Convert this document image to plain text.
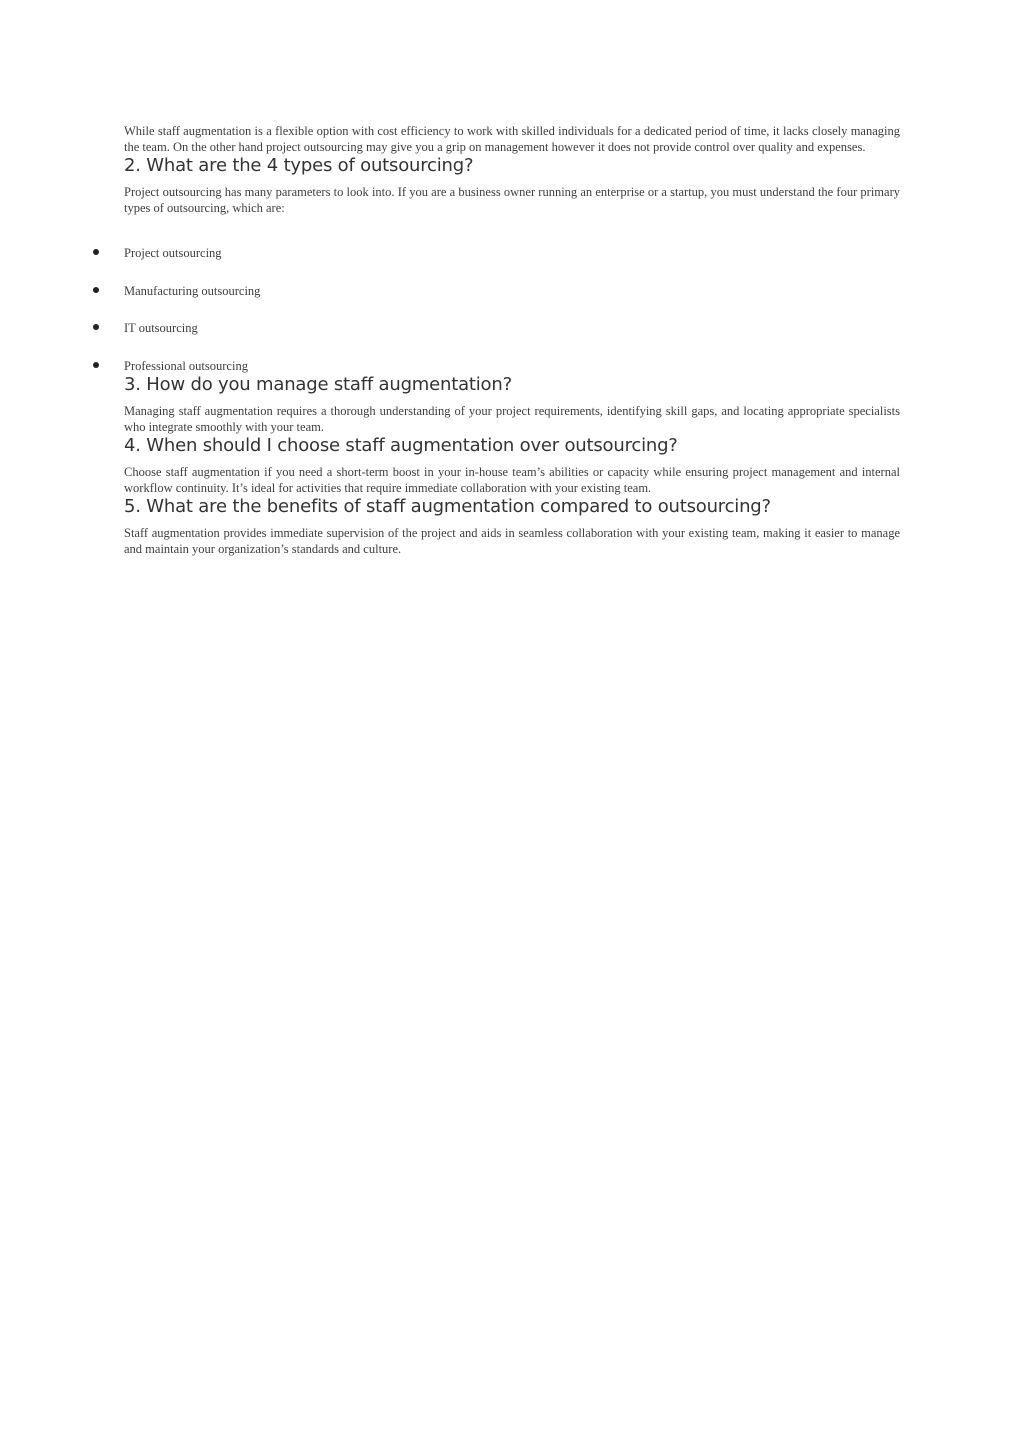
While staff augmentation is a flexible option with cost efficiency to work with skilled individuals for a dedicated period of time, it lacks closely managing the team. On the other hand project outsourcing may give you a grip on management however it does not provide control over quality and expenses.

2. What are the 4 types of outsourcing?

Project outsourcing has many parameters to look into. If you are a business owner running an enterprise or a startup, you must understand the four primary types of outsourcing, which are:

Project outsourcing
Manufacturing outsourcing
IT outsourcing
Professional outsourcing
3. How do you manage staff augmentation?

Managing staff augmentation requires a thorough understanding of your project requirements, identifying skill gaps, and locating appropriate specialists who integrate smoothly with your team.

4. When should I choose staff augmentation over outsourcing?

Choose staff augmentation if you need a short-term boost in your in-house team’s abilities or capacity while ensuring project management and internal workflow continuity. It’s ideal for activities that require immediate collaboration with your existing team.

5. What are the benefits of staff augmentation compared to outsourcing?

Staff augmentation provides immediate supervision of the project and aids in seamless collaboration with your existing team, making it easier to manage and maintain your organization’s standards and culture.
